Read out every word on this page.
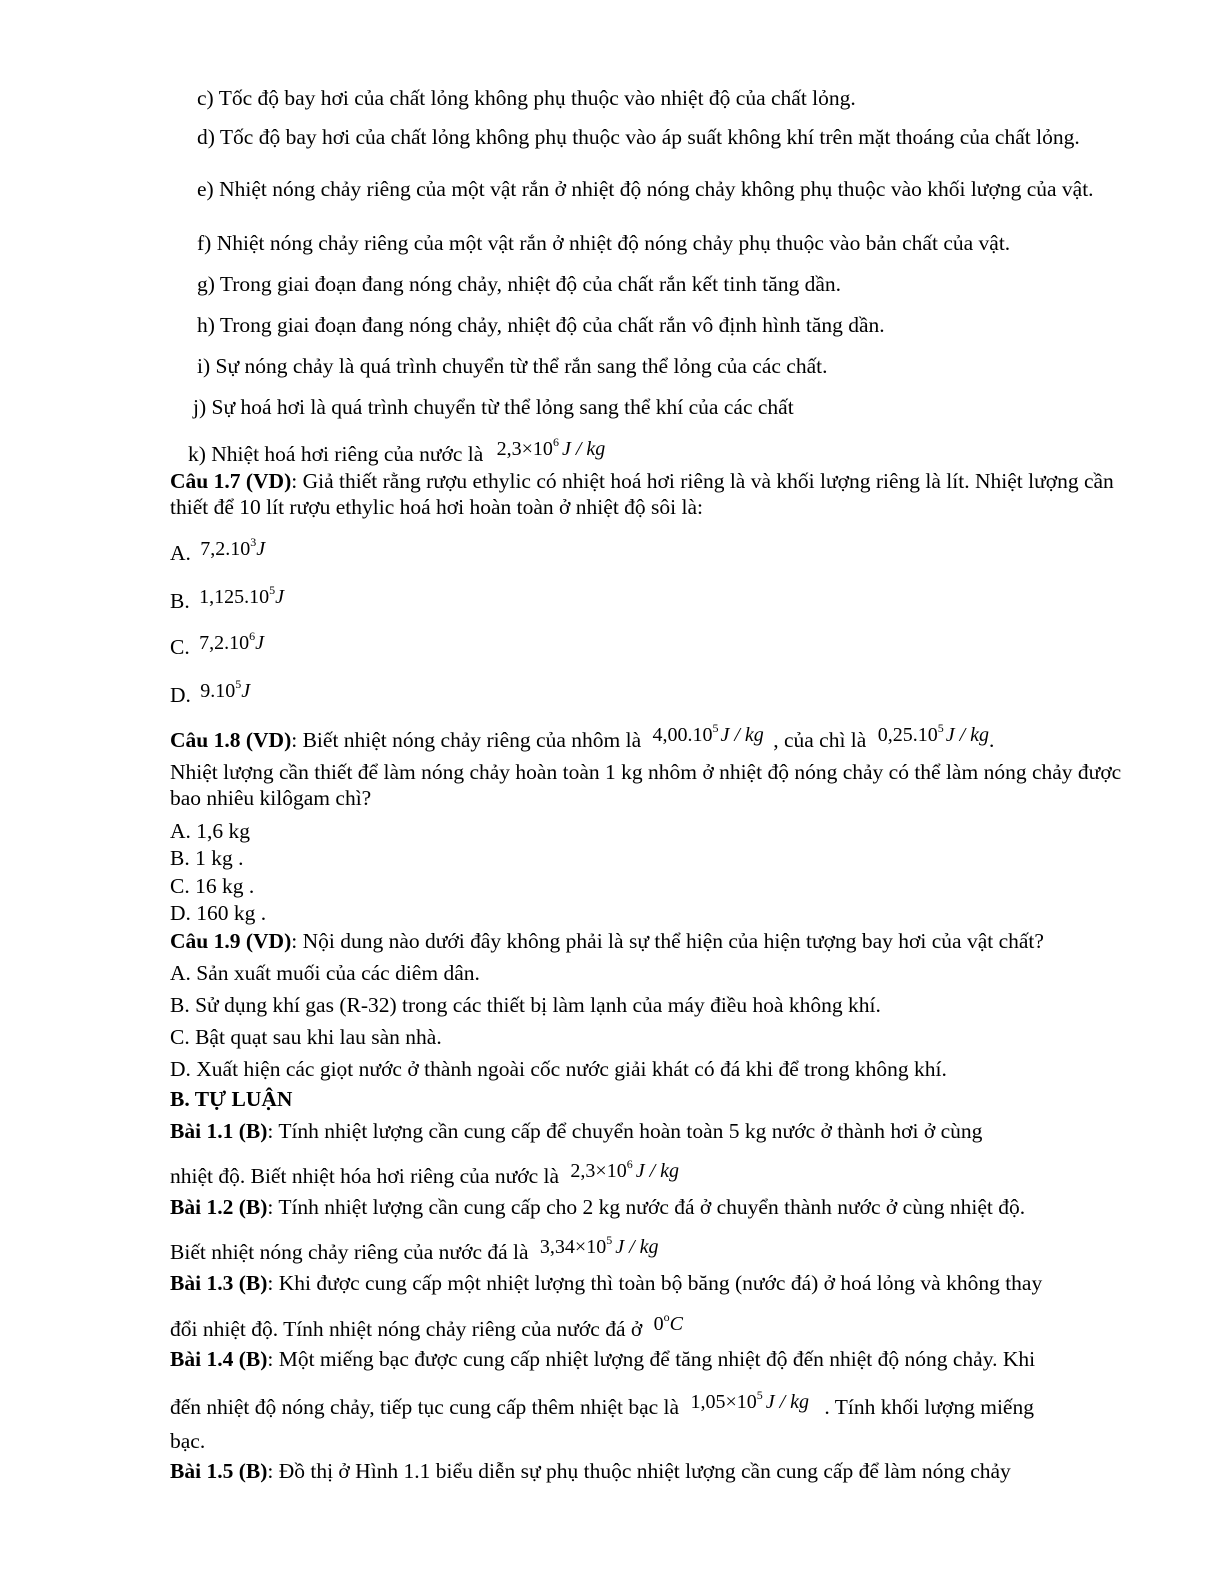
c) Tốc độ bay hơi của chất lỏng không phụ thuộc vào nhiệt độ của chất lỏng.
d) Tốc độ bay hơi của chất lỏng không phụ thuộc vào áp suất không khí trên mặt thoáng của chất lỏng.
e) Nhiệt nóng chảy riêng của một vật rắn ở nhiệt độ nóng chảy không phụ thuộc vào khối lượng của vật.
f) Nhiệt nóng chảy riêng của một vật rắn ở nhiệt độ nóng chảy phụ thuộc vào bản chất của vật.
g) Trong giai đoạn đang nóng chảy, nhiệt độ của chất rắn kết tinh tăng dần.
h) Trong giai đoạn đang nóng chảy, nhiệt độ của chất rắn vô định hình tăng dần.
i) Sự nóng chảy là quá trình chuyển từ thể rắn sang thể lỏng của các chất.
j) Sự hoá hơi là quá trình chuyển từ thể lỏng sang thể khí của các chất
k) Nhiệt hoá hơi riêng của nước là $2,3\times 10^6$ J / kg
Câu 1.7 (VD): Giả thiết rằng rượu ethylic có nhiệt hoá hơi riêng là và khối lượng riêng là lít. Nhiệt lượng cần thiết để 10 lít rượu ethylic hoá hơi hoàn toàn ở nhiệt độ sôi là:
A. 7,2.10$^3$J
B. 1,125.10$^5$J
C. 7,2.10$^6$J
D. 9.10$^5$J
Câu 1.8 (VD): Biết nhiệt nóng chảy riêng của nhôm là 4,00.10$^5$ J / kg , của chì là 0,25.10$^5$ J / kg.
Nhiệt lượng cần thiết để làm nóng chảy hoàn toàn 1 kg nhôm ở nhiệt độ nóng chảy có thể làm nóng chảy được bao nhiêu kilôgam chì?
A. 1,6 kg
B. 1 kg .
C. 16 kg .
D. 160 kg .
Câu 1.9 (VD): Nội dung nào dưới đây không phải là sự thể hiện của hiện tượng bay hơi của vật chất?
A. Sản xuất muối của các diêm dân.
B. Sử dụng khí gas (R-32) trong các thiết bị làm lạnh của máy điều hoà không khí.
C. Bật quạt sau khi lau sàn nhà.
D. Xuất hiện các giọt nước ở thành ngoài cốc nước giải khát có đá khi để trong không khí.
B. TỰ LUẬN
Bài 1.1 (B): Tính nhiệt lượng cần cung cấp để chuyển hoàn toàn 5 kg nước ở thành hơi ở cùng
nhiệt độ. Biết nhiệt hóa hơi riêng của nước là $2,3\times 10^6$ J / kg
Bài 1.2 (B): Tính nhiệt lượng cần cung cấp cho 2 kg nước đá ở chuyển thành nước ở cùng nhiệt độ.
Biết nhiệt nóng chảy riêng của nước đá là $3,34\times 10^5$ J / kg
Bài 1.3 (B): Khi được cung cấp một nhiệt lượng thì toàn bộ băng (nước đá) ở hoá lỏng và không thay
đổi nhiệt độ. Tính nhiệt nóng chảy riêng của nước đá ở 0$^o$C
Bài 1.4 (B): Một miếng bạc được cung cấp nhiệt lượng để tăng nhiệt độ đến nhiệt độ nóng chảy. Khi
đến nhiệt độ nóng chảy, tiếp tục cung cấp thêm nhiệt bạc là $1,05\times 10^5$ J / kg . Tính khối lượng miếng
bạc.
Bài 1.5 (B): Đồ thị ở Hình 1.1 biểu diễn sự phụ thuộc nhiệt lượng cần cung cấp để làm nóng chảy
